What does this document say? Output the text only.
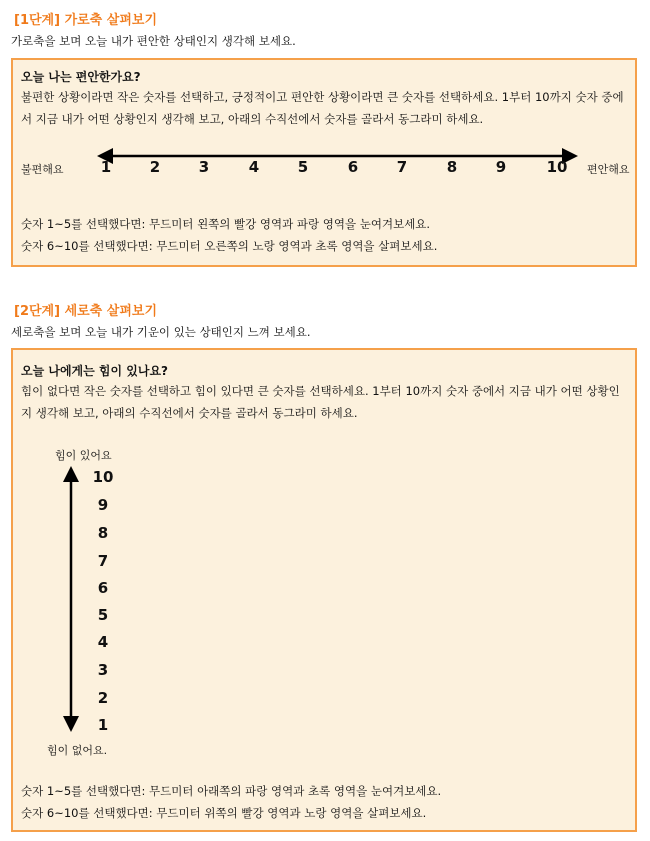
[1단계] 가로축 살펴보기

가로축을 보며 오늘 내가 편안한 상태인지 생각해 보세요.

오늘 나는 편안한가요?

불편한 상황이라면 작은 숫자를 선택하고, 긍정적이고 편안한 상황이라면 큰 숫자를 선택하세요. 1부터 10까지 숫자 중에서 지금 내가 어떤 상황인지 생각해 보고, 아래의 수직선에서 숫자를 골라서 동그라미 하세요.

불편해요	1	2	3	4	5	6	7	8	9	10 편안해요

숫자 1~5를 선택했다면: 무드미터 왼쪽의 빨강 영역과 파랑 영역을 눈여겨보세요.

숫자 6~10를 선택했다면: 무드미터 오른쪽의 노랑 영역과 초록 영역을 살펴보세요.

[2단계] 세로축 살펴보기

세로축을 보며 오늘 내가 기운이 있는 상태인지 느껴 보세요.

오늘 나에게는 힘이 있나요?

힘이 없다면 작은 숫자를 선택하고 힘이 있다면 큰 숫자를 선택하세요. 1부터 10까지 숫자 중에서 지금 내가 어떤 상황인지 생각해 보고, 아래의 수직선에서 숫자를 골라서 동그라미 하세요.

힘이 있어요
10
9
8
7
6
5
4
3
2
1
힘이 없어요.

숫자 1~5를 선택했다면: 무드미터 아래쪽의 파랑 영역과 초록 영역을 눈여겨보세요.

숫자 6~10를 선택했다면: 무드미터 위쪽의 빨강 영역과 노랑 영역을 살펴보세요.
